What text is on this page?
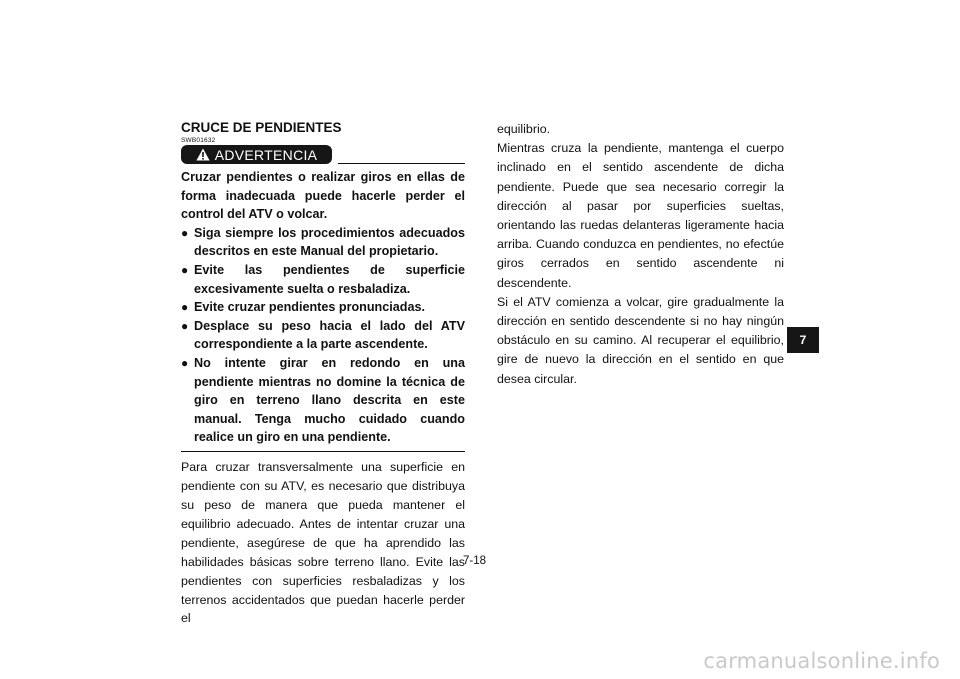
CRUCE DE PENDIENTES
SWB01632
ADVERTENCIA

Cruzar pendientes o realizar giros en ellas de forma inadecuada puede hacerle perder el control del ATV o volcar.

● Siga siempre los procedimientos adecuados descritos en este Manual del propietario.
● Evite las pendientes de superficie excesivamente suelta o resbaladiza.
● Evite cruzar pendientes pronunciadas.
● Desplace su peso hacia el lado del ATV correspondiente a la parte ascendente.
● No intente girar en redondo en una pendiente mientras no domine la técnica de giro en terreno llano descrita en este manual. Tenga mucho cuidado cuando realice un giro en una pendiente.

Para cruzar transversalmente una superficie en pendiente con su ATV, es necesario que distribuya su peso de manera que pueda mantener el equilibrio adecuado. Antes de intentar cruzar una pendiente, asegúrese de que ha aprendido las habilidades básicas sobre terreno llano. Evite las pendientes con superficies resbaladizas y los terrenos accidentados que puedan hacerle perder el

equilibrio.

Mientras cruza la pendiente, mantenga el cuerpo inclinado en el sentido ascendente de dicha pendiente. Puede que sea necesario corregir la dirección al pasar por superficies sueltas, orientando las ruedas delanteras ligeramente hacia arriba. Cuando conduzca en pendientes, no efectúe giros cerrados en sentido ascendente ni descendente.

Si el ATV comienza a volcar, gire gradualmente la dirección en sentido descendente si no hay ningún obstáculo en su camino. Al recuperar el equilibrio, gire de nuevo la dirección en el sentido en que desea circular.

7-18
7
carmanualsonline.info
